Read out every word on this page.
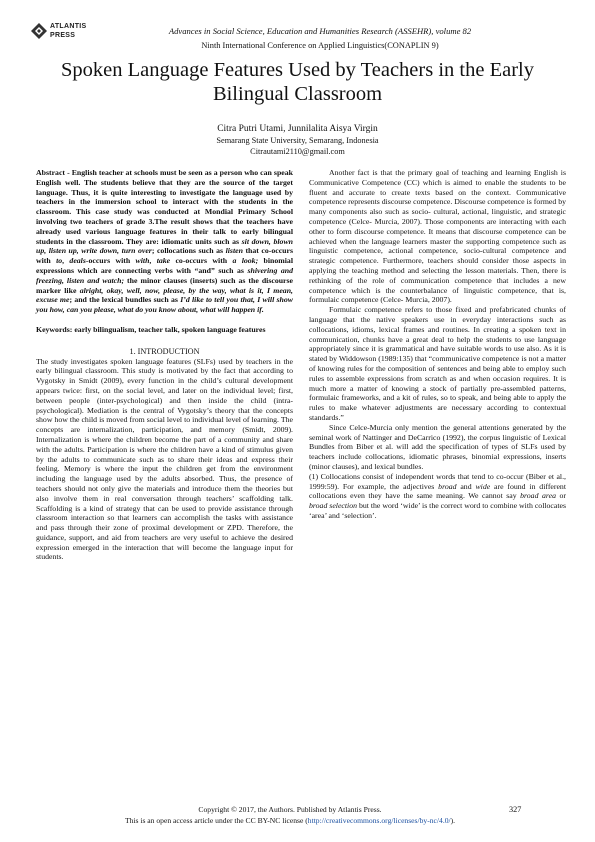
ATLANTIS
PRESS	Advances in Social Science, Education and Humanities Research (ASSEHR), volume 82
Ninth International Conference on Applied Linguistics(CONAPLIN 9)
Spoken Language Features Used by Teachers in the Early Bilingual Classroom
Citra Putri Utami, Junnilalita Aisya Virgin
Semarang State University, Semarang, Indonesia
Citrautami2110@gmail.com

Abstract - English teacher at schools must be seen as a person who can speak English well. The students believe that they are the source of the target language. Thus, it is quite interesting to investigate the language used by teachers in the immersion school to interact with the students in the classroom. This case study was conducted at Mondial Primary School involving two teachers of grade 3.The result shows that the teachers have already used various language features in their talk to early bilingual students in the classroom. They are: idiomatic units such as sit down, blown up, listen up, write down, turn over; collocations such as listen that co-occurs with to, deals-occurs with with, take co-occurs with a look; binomial expressions which are connecting verbs with “and” such as shivering and freezing, listen and watch; the minor clauses (inserts) such as the discourse marker like alright, okay, well, now, please, by the way, what is it, I mean, excuse me; and the lexical bundles such as I’d like to tell you that, I will show you how, can you please, what do you know about, what will happen if.

Keywords: early bilingualism, teacher talk, spoken language features

1. INTRODUCTION

The study investigates spoken language features (SLFs) used by teachers in the early bilingual classroom. This study is motivated by the fact that according to Vygotsky in Smidt (2009), every function in the child’s cultural development appears twice: first, on the social level, and later on the individual level; first, between people (inter-psychological) and then inside the child (intra-psychological). Mediation is the central of Vygotsky’s theory that the concepts show how the child is moved from social level to individual level of learning. The concepts are internalization, participation, and memory (Smidt, 2009). Internalization is where the children become the part of a community and share with the adults. Participation is where the children have a kind of stimulus given by the adults to communicate such as to share their ideas and express their feeling. Memory is where the input the children get from the environment including the language used by the adults absorbed. Thus, the presence of teachers should not only give the materials and introduce them the theories but also involve them in real conversation through teachers’ scaffolding talk. Scaffolding is a kind of strategy that can be used to provide assistance through classroom interaction so that learners can accomplish the tasks with assistance and pass through their zone of proximal development or ZPD. Therefore, the guidance, support, and aid from teachers are very useful to achieve the desired expression emerged in the interaction that will become the language input for students.

Another fact is that the primary goal of teaching and learning English is Communicative Competence (CC) which is aimed to enable the students to be fluent and accurate to create texts based on the context. Communicative competence represents discourse competence. Discourse competence is formed by many components also such as socio- cultural, actional, linguistic, and strategic competence (Celce- Murcia, 2007). Those components are interacting with each other to form discourse competence. It means that discourse competence can be achieved when the language learners master the supporting competence such as linguistic competence, actional competence, socio-cultural competence and strategic competence. Furthermore, teachers should consider those aspects in applying the teaching method and selecting the lesson materials. Then, there is rethinking of the role of communication competence that includes a new competence which is the counterbalance of linguistic competence, that is, formulaic competence (Celce- Murcia, 2007).

Formulaic competence refers to those fixed and prefabricated chunks of language that the native speakers use in everyday interactions such as collocations, idioms, lexical frames and routines. In creating a spoken text in communication, chunks have a great deal to help the students to use language appropriately since it is grammatical and have suitable words to use also. As it is stated by Widdowson (1989:135) that “communicative competence is not a matter of knowing rules for the composition of sentences and being able to employ such rules to assemble expressions from scratch as and when occasion requires. It is much more a matter of knowing a stock of partially pre-assembled patterns, formulaic frameworks, and a kit of rules, so to speak, and being able to apply the rules to make whatever adjustments are necessary according to contextual standards.”

Since Celce-Murcia only mention the general attentions generated by the seminal work of Nattinger and DeCarrico (1992), the corpus linguistic of Lexical Bundles from Biber et al. will add the specification of types of SLFs used by teachers include collocations, idiomatic phrases, binomial expressions, inserts (minor clauses), and lexical bundles.

(1) Collocations consist of independent words that tend to co-occur (Biber et al., 1999:59). For example, the adjectives broad and wide are found in different collocations even they have the same meaning. We cannot say broad area or broad selection but the word ‘wide’ is the correct word to combine with collocates ‘area’ and ‘selection’.

Copyright © 2017, the Authors. Published by Atlantis Press.
This is an open access article under the CC BY-NC license (http://creativecommons.org/licenses/by-nc/4.0/).
327
